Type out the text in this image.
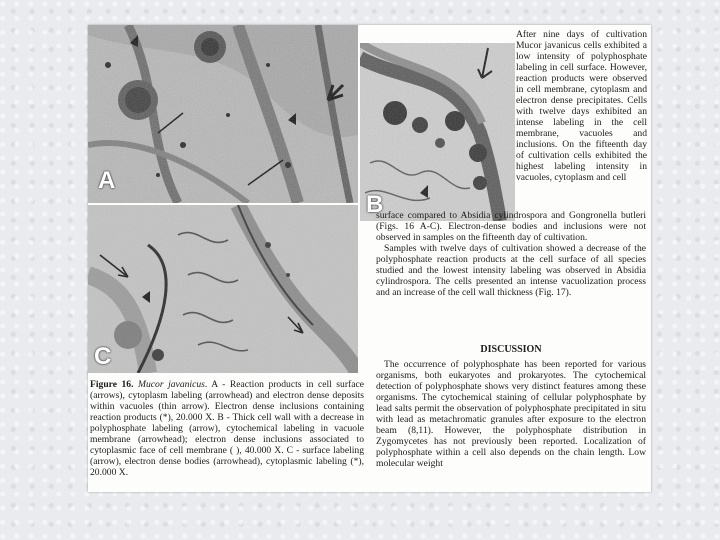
A
B
C

After nine days of cultivation Mucor javanicus cells exhibited a low intensity of polyphosphate labeling in cell surface. However, reaction products were observed in cell membrane, cytoplasm and electron dense precipitates. Cells with twelve days exhibited an intense labeling in the cell membrane, vacuoles and inclusions. On the fifteenth day of cultivation cells exhibited the highest labeling intensity in vacuoles, cytoplasm and cell

surface compared to Absidia cylindrospora and Gongronella butleri (Figs. 16 A-C). Electron-dense bodies and inclusions were not observed in samples on the fifteenth day of cultivation.

Samples with twelve days of cultivation showed a decrease of the polyphosphate reaction products at the cell surface of all species studied and the lowest intensity labeling was observed in Absidia cylindrospora. The cells presented an intense vacuolization process and an increase of the cell wall thickness (Fig. 17).

DISCUSSION

The occurrence of polyphosphate has been reported for various organisms, both eukaryotes and prokaryotes. The cytochemical detection of polyphosphate shows very distinct features among these organisms. The cytochemical staining of cellular polyphosphate by lead salts permit the observation of polyphosphate precipitated in situ with lead as metachromatic granules after exposure to the electron beam (8,11). However, the polyphosphate distribution in Zygomycetes has not previously been reported. Localization of polyphosphate within a cell also depends on the chain length. Low molecular weight

Figure 16. Mucor javanicus. A - Reaction products in cell surface (arrows), cytoplasm labeling (arrowhead) and electron dense deposits within vacuoles (thin arrow). Electron dense inclusions containing reaction products (*), 20.000 X. B - Thick cell wall with a decrease in polyphosphate labeling (arrow), cytochemical labeling in vacuole membrane (arrowhead); electron dense inclusions associated to cytoplasmic face of cell membrane ( ), 40.000 X. C - surface labeling (arrow), electron dense bodies (arrowhead), cytoplasmic labeling (*), 20.000 X.
